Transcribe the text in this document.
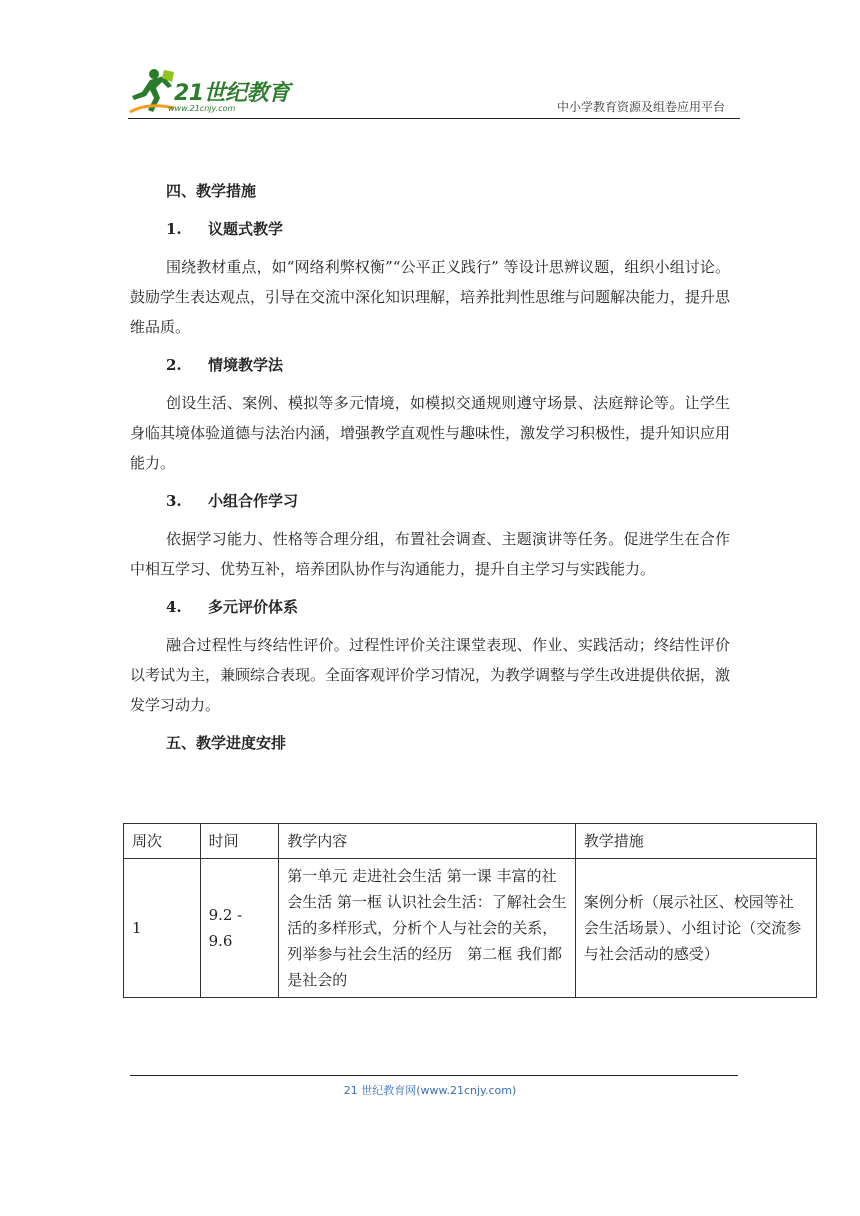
21世纪教育
www.21cnjy.com	中小学教育资源及组卷应用平台

四、教学措施

1. 议题式教学

围绕教材重点，如“网络利弊权衡”“公平正义践行” 等设计思辨议题，组织小组讨论。鼓励学生表达观点，引导在交流中深化知识理解，培养批判性思维与问题解决能力，提升思维品质。

2. 情境教学法

创设生活、案例、模拟等多元情境，如模拟交通规则遵守场景、法庭辩论等。让学生身临其境体验道德与法治内涵，增强教学直观性与趣味性，激发学习积极性，提升知识应用能力。

3. 小组合作学习

依据学习能力、性格等合理分组，布置社会调查、主题演讲等任务。促进学生在合作中相互学习、优势互补，培养团队协作与沟通能力，提升自主学习与实践能力。

4. 多元评价体系

融合过程性与终结性评价。过程性评价关注课堂表现、作业、实践活动；终结性评价以考试为主，兼顾综合表现。全面客观评价学习情况，为教学调整与学生改进提供依据，激发学习动力。

五、教学进度安排

周次	时间	教学内容	教学措施
1	9.2 - 9.6	第一单元 走进社会生活 第一课 丰富的社会生活 第一框 认识社会生活：了解社会生活的多样形式，分析个人与社会的关系，列举参与社会生活的经历　第二框 我们都是社会的	案例分析（展示社区、校园等社会生活场景）、小组讨论（交流参与社会活动的感受）
21 世纪教育网(www.21cnjy.com)
